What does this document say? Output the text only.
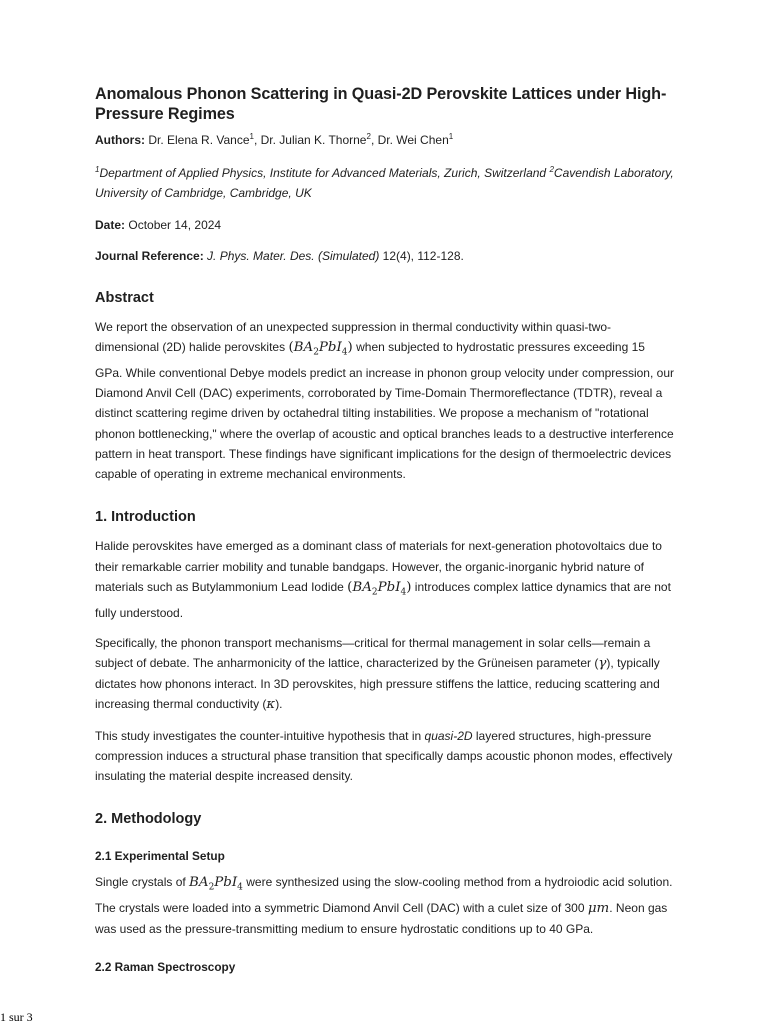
Anomalous Phonon Scattering in Quasi-2D Perovskite Lattices under High-Pressure Regimes
Authors: Dr. Elena R. Vance$^1$, Dr. Julian K. Thorne$^2$, Dr. Wei Chen$^1$
$^1$Department of Applied Physics, Institute for Advanced Materials, Zurich, Switzerland $^2$Cavendish Laboratory, University of Cambridge, Cambridge, UK
Date: October 14, 2024
Journal Reference: J. Phys. Mater. Des. (Simulated) 12(4), 112-128.
Abstract

We report the observation of an unexpected suppression in thermal conductivity within quasi-two-dimensional (2D) halide perovskites $(BA_2PbI_4)$ when subjected to hydrostatic pressures exceeding 15 GPa. While conventional Debye models predict an increase in phonon group velocity under compression, our Diamond Anvil Cell (DAC) experiments, corroborated by Time-Domain Thermoreflectance (TDTR), reveal a distinct scattering regime driven by octahedral tilting instabilities. We propose a mechanism of "rotational phonon bottlenecking," where the overlap of acoustic and optical branches leads to a destructive interference pattern in heat transport. These findings have significant implications for the design of thermoelectric devices capable of operating in extreme mechanical environments.

1. Introduction

Halide perovskites have emerged as a dominant class of materials for next-generation photovoltaics due to their remarkable carrier mobility and tunable bandgaps. However, the organic-inorganic hybrid nature of materials such as Butylammonium Lead Iodide $(BA_2PbI_4)$ introduces complex lattice dynamics that are not fully understood.

Specifically, the phonon transport mechanisms—critical for thermal management in solar cells—remain a subject of debate. The anharmonicity of the lattice, characterized by the Grüneisen parameter (γ), typically dictates how phonons interact. In 3D perovskites, high pressure stiffens the lattice, reducing scattering and increasing thermal conductivity (κ).

This study investigates the counter-intuitive hypothesis that in quasi-2D layered structures, high-pressure compression induces a structural phase transition that specifically damps acoustic phonon modes, effectively insulating the material despite increased density.

2. Methodology
2.1 Experimental Setup

Single crystals of $BA_2PbI_4$ were synthesized using the slow-cooling method from a hydroiodic acid solution. The crystals were loaded into a symmetric Diamond Anvil Cell (DAC) with a culet size of 300 μm. Neon gas was used as the pressure-transmitting medium to ensure hydrostatic conditions up to 40 GPa.

2.2 Raman Spectroscopy
1 sur 3
